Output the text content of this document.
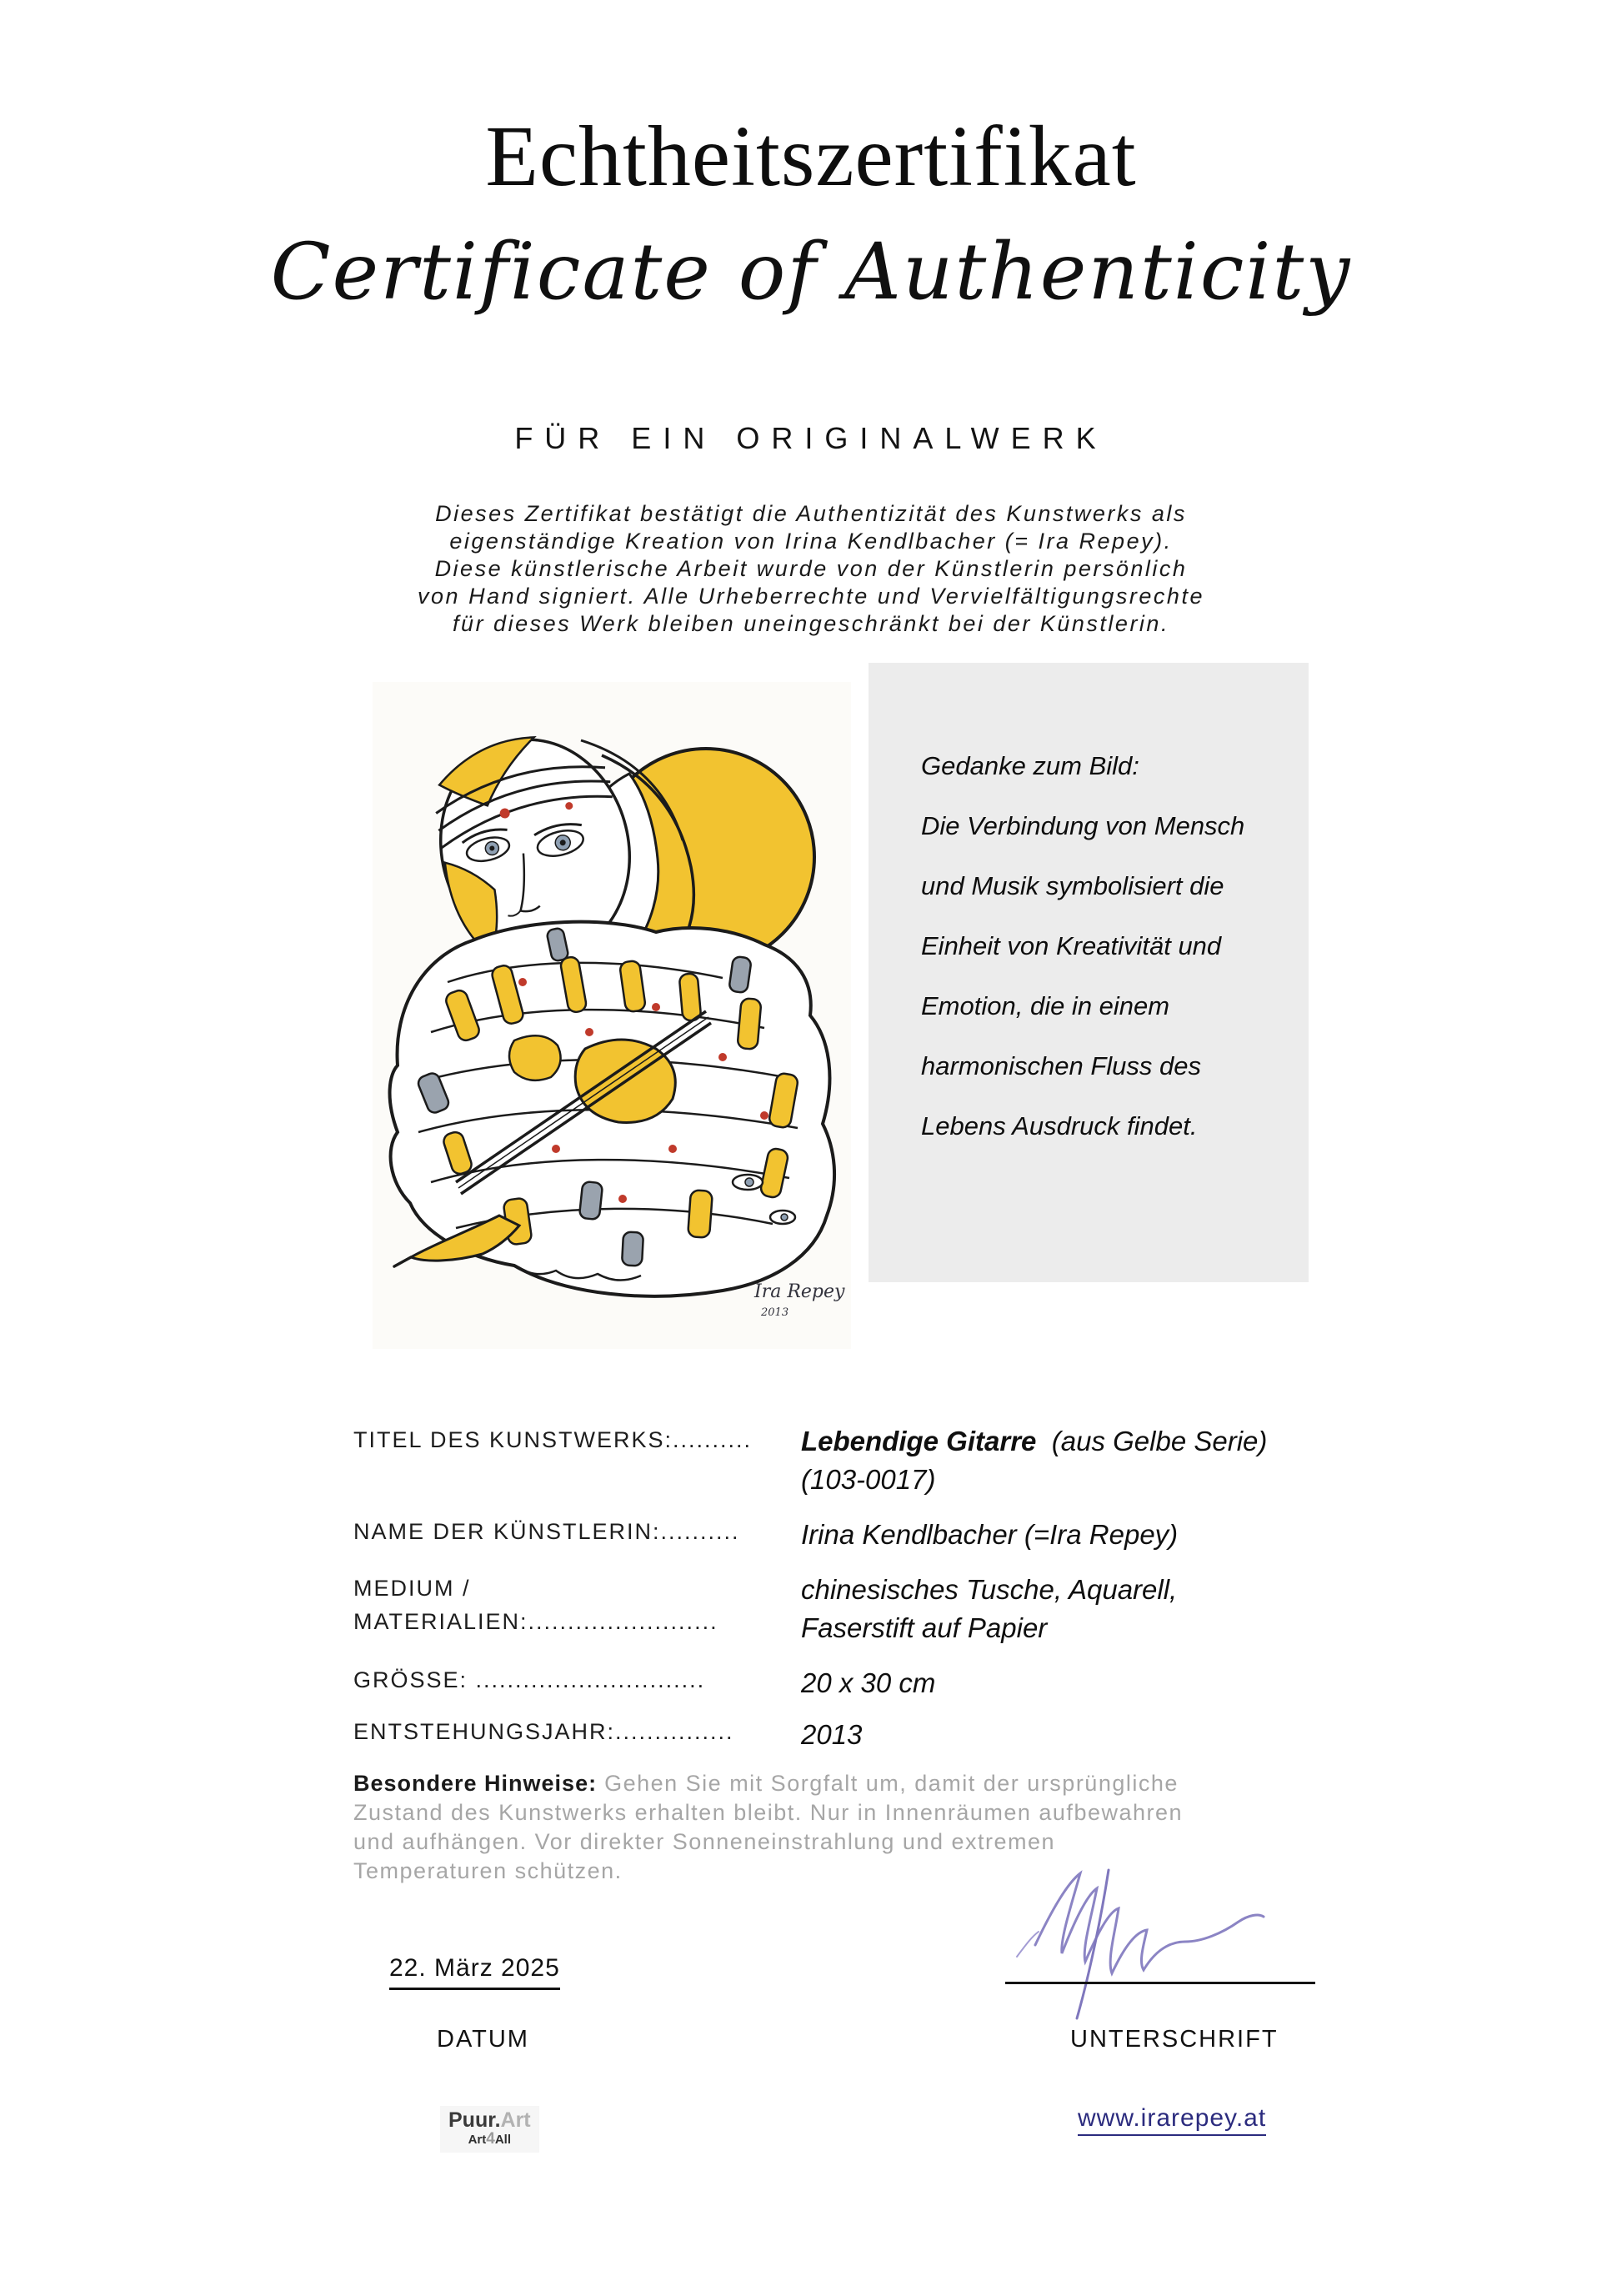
Echtheitszertifikat
Certificate of Authenticity
FÜR EIN ORIGINALWERK
Dieses Zertifikat bestätigt die Authentizität des Kunstwerks als
eigenständige Kreation von Irina Kendlbacher (= Ira Repey).
Diese künstlerische Arbeit wurde von der Künstlerin persönlich
von Hand signiert. Alle Urheberrechte und Vervielfältigungsrechte
für dieses Werk bleiben uneingeschränkt bei der Künstlerin.
Ira Repey
2013
Gedanke zum Bild:
Die Verbindung von Mensch
und Musik symbolisiert die
Einheit von Kreativität und
Emotion, die in einem
harmonischen Fluss des
Lebens Ausdruck findet.
TITEL DES KUNSTWERKS:.......... Lebendige Gitarre  (aus Gelbe Serie) (103-0017)
NAME DER KÜNSTLERIN:.......... Irina Kendlbacher (=Ira Repey)
MEDIUM /
MATERIALIEN:........................
chinesisches Tusche, Aquarell, Faserstift auf Papier
GRÖSSE: .............................	20 x 30 cm
ENTSTEHUNGSJAHR:............... 2013
Besondere Hinweise: Gehen Sie mit Sorgfalt um, damit der ursprüngliche
Zustand des Kunstwerks erhalten bleibt. Nur in Innenräumen aufbewahren
und aufhängen. Vor direkter Sonneneinstrahlung und extremen
Temperaturen schützen.
22. März 2025
DATUM	UNTERSCHRIFT
Puur.Art
Art4All
www.irarepey.at
